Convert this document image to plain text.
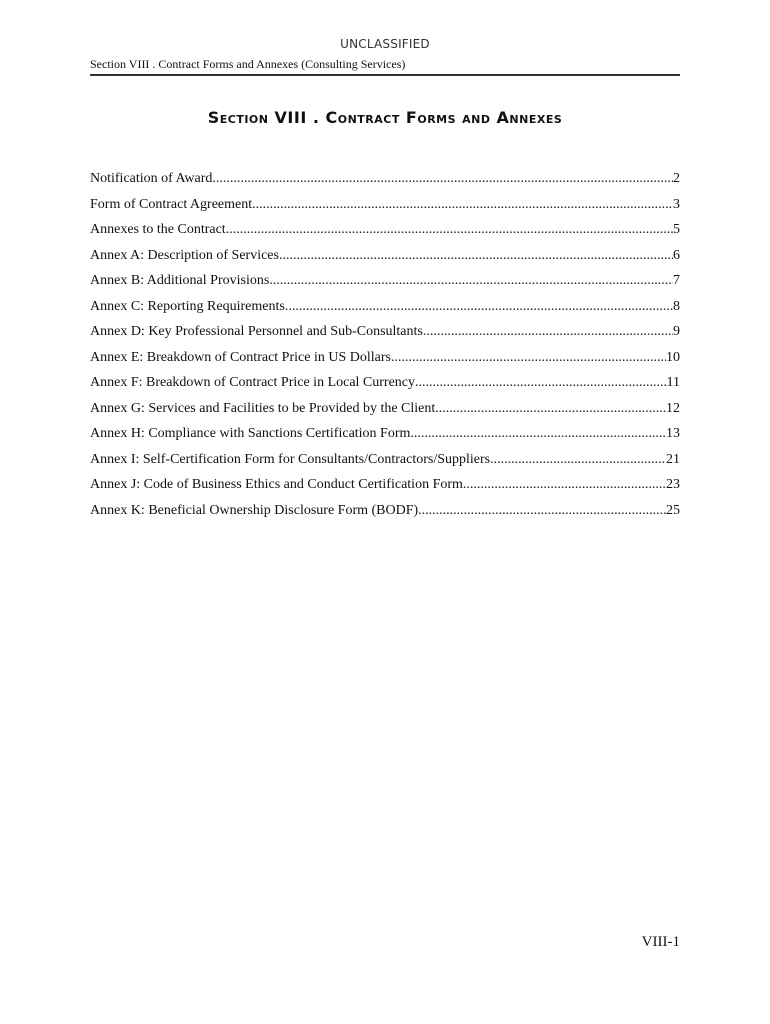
UNCLASSIFIED
Section VIII . Contract Forms and Annexes (Consulting Services)
Section VIII . Contract Forms and Annexes
Notification of Award .....	2
Form of Contract Agreement .....	3
Annexes to the Contract .....	5
Annex A: Description of Services .....	6
Annex B: Additional Provisions .....	7
Annex C: Reporting Requirements .....	8
Annex D: Key Professional Personnel and Sub-Consultants .....	9
Annex E: Breakdown of Contract Price in US Dollars .....	10
Annex F: Breakdown of Contract Price in Local Currency .....	11
Annex G: Services and Facilities to be Provided by the Client .....	12
Annex H: Compliance with Sanctions Certification Form .....	13
Annex I: Self-Certification Form for Consultants/Contractors/Suppliers .....	21
Annex J: Code of Business Ethics and Conduct Certification Form .....	23
Annex K: Beneficial Ownership Disclosure Form (BODF) .....	25
VIII-1
